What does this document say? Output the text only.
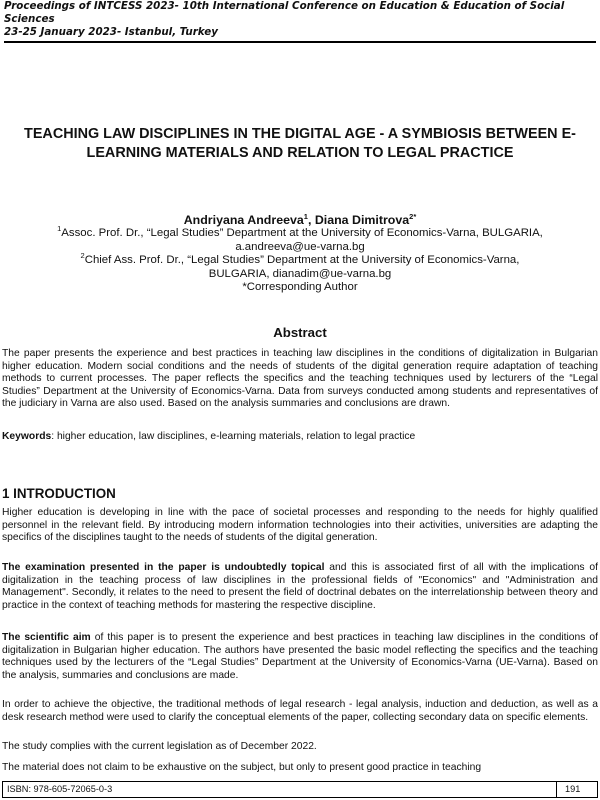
Proceedings of INTCESS 2023- 10th International Conference on Education & Education of Social Sciences
23-25 January 2023- Istanbul, Turkey
TEACHING LAW DISCIPLINES IN THE DIGITAL AGE - A SYMBIOSIS BETWEEN E-LEARNING MATERIALS AND RELATION TO LEGAL PRACTICE
Andriyana Andreeva$^1$, Diana Dimitrova$^{2*}$
$^1$Assoc. Prof. Dr., “Legal Studies” Department at the University of Economics-Varna, BULGARIA,
a.andreeva@ue-varna.bg
$^2$Chief Ass. Prof. Dr., “Legal Studies” Department at the University of Economics-Varna,
BULGARIA, dianadim@ue-varna.bg
*Corresponding Author
Abstract

The paper presents the experience and best practices in teaching law disciplines in the conditions of digitalization in Bulgarian higher education. Modern social conditions and the needs of students of the digital generation require adaptation of teaching methods to current processes. The paper reflects the specifics and the teaching techniques used by lecturers of the “Legal Studies” Department at the University of Economics-Varna. Data from surveys conducted among students and representatives of the judiciary in Varna are also used. Based on the analysis summaries and conclusions are drawn.

Keywords: higher education, law disciplines, e-learning materials, relation to legal practice

1 INTRODUCTION

Higher education is developing in line with the pace of societal processes and responding to the needs for highly qualified personnel in the relevant field. By introducing modern information technologies into their activities, universities are adapting the specifics of the disciplines taught to the needs of students of the digital generation.

The examination presented in the paper is undoubtedly topical and this is associated first of all with the implications of digitalization in the teaching process of law disciplines in the professional fields of "Economics" and "Administration and Management". Secondly, it relates to the need to present the field of doctrinal debates on the interrelationship between theory and practice in the context of teaching methods for mastering the respective discipline.

The scientific aim of this paper is to present the experience and best practices in teaching law disciplines in the conditions of digitalization in Bulgarian higher education. The authors have presented the basic model reflecting the specifics and the teaching techniques used by the lecturers of the “Legal Studies” Department at the University of Economics-Varna (UE-Varna). Based on the analysis, summaries and conclusions are made.

In order to achieve the objective, the traditional methods of legal research - legal analysis, induction and deduction, as well as a desk research method were used to clarify the conceptual elements of the paper, collecting secondary data on specific elements.

The study complies with the current legislation as of December 2022.

The material does not claim to be exhaustive on the subject, but only to present good practice in teaching

ISBN: 978-605-72065-0-3	191
